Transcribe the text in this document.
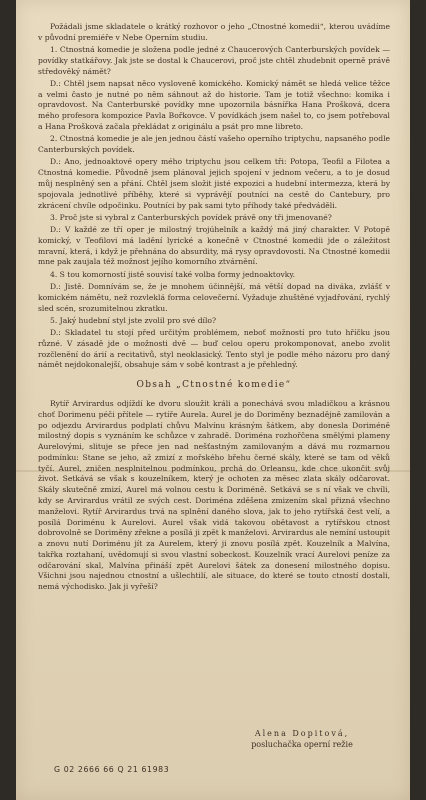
Požádali jsme skladatele o krátký rozhovor o jeho „Ctnostné komedii“, kterou uvádíme v původní premiéře v Nebe Operním studiu.

1. Ctnostná komedie je složena podle jedné z Chaucerových Canterburských povídek — povídky statkářovy. Jak jste se dostal k Chaucerovi, proč jste chtěl zhudebnit operně právě středověký námět?

D.: Chtěl jsem napsat něco vysloveně komického. Komický námět se hledá velice těžce a velmi často je nutné po něm sáhnout až do historie. Tam je totiž všechno: komika i opravdovost. Na Canterburské povídky mne upozornila básnířka Hana Prošková, dcera mého profesora kompozice Pavla Bořkovce. V povídkách jsem našel to, co jsem potřeboval a Hana Prošková začala překládat z originálu a psát pro mne libreto.

2. Ctnostná komedie je ale jen jednou částí vašeho operního triptychu, napsaného podle Canterburských povídek.

D.: Ano, jednoaktové opery mého triptychu jsou celkem tři: Potopa, Teofil a Filotea a Ctnostná komedie. Původně jsem plánoval jejich spojení v jednom večeru, a to je dosud můj nesplněný sen a přání. Chtěl jsem složit jisté expozici a hudební intermezza, která by spojovala jednotlivé příběhy, které si vyprávějí poutníci na cestě do Cantebury, pro zkrácení chvíle odpočinku. Poutníci by pak sami tyto příhody také předváděli.

3. Proč jste si vybral z Canterburských povídek právě ony tři jmenované?

D.: V každé ze tří oper je milostný trojúhelník a každý má jiný charakter. V Potopě komický, v Teofilovi má ladění lyrické a konečně v Ctnostné komedii jde o záležitost mravní, která, i když je přehnána do absurdity, má rysy opravdovosti. Na Ctnostné komedii mne pak zaujala též možnost jejího komorního ztvárnění.

4. S tou komorností jistě souvisí také volba formy jednoaktovky.

D.: Jistě. Domnívám se, že je mnohem účinnější, má větší dopad na diváka, zvlášť v komickém námětu, než rozvleklá forma celovečerní. Vyžaduje zhuštěné vyjadřování, rychlý sled scén, srozumitelnou zkratku.

5. Jaký hudební styl jste zvolil pro své dílo?

D.: Skladatel tu stojí před určitým problémem, neboť možností pro tuto hříčku jsou různé. V zásadě jde o možnosti dvě — buď celou operu prokomponovat, anebo zvolit rozčlenění do árií a recitativů, styl neoklasický. Tento styl je podle mého názoru pro daný námět nejdokonalejší, obsahuje sám v sobě kontrast a je přehledný.

Obsah „Ctnostné komedie“

Rytíř Arvirardus odjíždí ke dvoru sloužit králi a ponechává svou mladičkou a krásnou choť Dorimenu péči přítele — rytíře Aurela. Aurel je do Doriměny beznadějně zamilován a po odjezdu Arvirardus podplatí chůvu Malvínu krásným šátkem, aby donesla Doriméně milostný dopis s vyznáním ke schůzce v zahradě. Doriména rozhořčena smělými plameny Aurelovými, slituje se přece jen nad nešťastným zamilovaným a dává mu rozmarnou podmínku: Stane se jeho, až zmizí z mořského břehu černé skály, které se tam od věků tyčí. Aurel, zničen nesplnitelnou podmínkou, prchá do Orleansu, kde chce ukončit svůj život. Setkává se však s kouzelníkem, který je ochoten za měsec zlata skály odčarovat. Skály skutečně zmizí, Aurel má volnou cestu k Doriméně. Setkává se s ní však ve chvíli, kdy se Arvirardus vrátil ze svých cest. Doriména zděšena zmizením skal přizná všechno manželovi. Rytíř Arvirardus trvá na splnění daného slova, jak to jeho rytířská čest velí, a posílá Doriménu k Aurelovi. Aurel však vidá takovou obětavost a rytířskou ctnost dobrovolně se Doriměny zřekne a posílá ji zpět k manželovi. Arvirardus ale nemíní ustoupit a znovu nutí Doriménu jít za Aurelem, který ji znovu posílá zpět. Kouzelník a Malvína, takřka roztahaní, uvědomují si svou vlastní sobeckost. Kouzelník vrací Aurelovi peníze za odčarování skal, Malvína přináší zpět Aurelovi šátek za donesení milostného dopisu. Všichni jsou najednou ctnostní a ušlechtilí, ale situace, do které se touto ctností dostali, nemá východisko. Jak ji vyřeší?

Alena Dopitová,
posluchačka operní režie
G 02 2666 66 Q 21 61983
